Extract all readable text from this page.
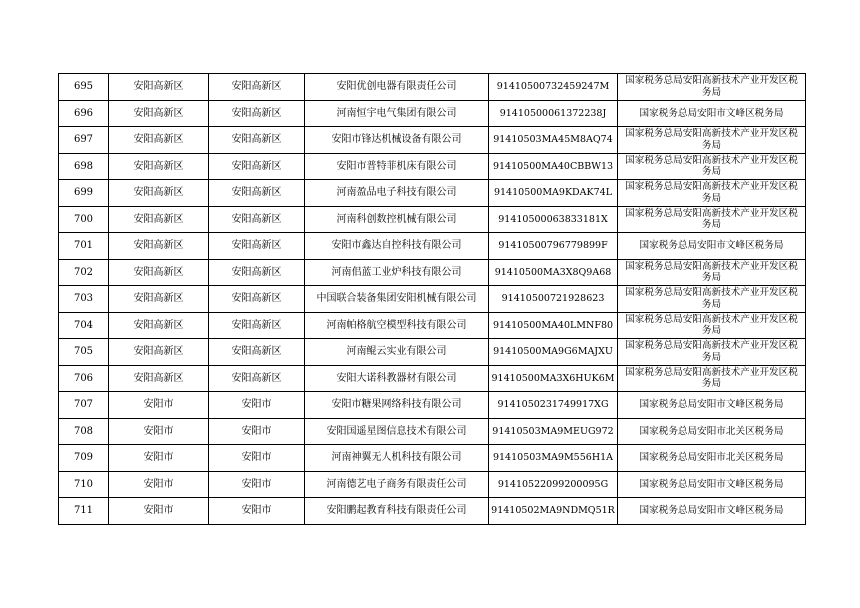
695	安阳高新区	安阳高新区	安阳优创电器有限责任公司	91410500732459247M	国家税务总局安阳高新技术产业开发区税务局
696	安阳高新区	安阳高新区	河南恒宇电气集团有限公司	91410500061372238J	国家税务总局安阳市文峰区税务局
697	安阳高新区	安阳高新区	安阳市锋达机械设备有限公司	91410503MA45M8AQ74	国家税务总局安阳高新技术产业开发区税务局
698	安阳高新区	安阳高新区	安阳市普特菲机床有限公司	91410500MA40CBBW13	国家税务总局安阳高新技术产业开发区税务局
699	安阳高新区	安阳高新区	河南盈品电子科技有限公司	91410500MA9KDAK74L	国家税务总局安阳高新技术产业开发区税务局
700	安阳高新区	安阳高新区	河南科创数控机械有限公司	91410500063833181X	国家税务总局安阳高新技术产业开发区税务局
701	安阳高新区	安阳高新区	安阳市鑫达自控科技有限公司	91410500796779899F	国家税务总局安阳市文峰区税务局
702	安阳高新区	安阳高新区	河南佀蓝工业炉科技有限公司	91410500MA3X8Q9A68	国家税务总局安阳高新技术产业开发区税务局
703	安阳高新区	安阳高新区	中国联合装备集团安阳机械有限公司	91410500721928623	国家税务总局安阳高新技术产业开发区税务局
704	安阳高新区	安阳高新区	河南帕格航空模型科技有限公司	91410500MA40LMNF80	国家税务总局安阳高新技术产业开发区税务局
705	安阳高新区	安阳高新区	河南鲲云实业有限公司	91410500MA9G6MAJXU	国家税务总局安阳高新技术产业开发区税务局
706	安阳高新区	安阳高新区	安阳大诺科教器材有限公司	91410500MA3X6HUK6M	国家税务总局安阳高新技术产业开发区税务局
707	安阳市	安阳市	安阳市糖果网络科技有限公司	9141050231749917XG	国家税务总局安阳市文峰区税务局
708	安阳市	安阳市	安阳国遥星图信息技术有限公司	91410503MA9MEUG972	国家税务总局安阳市北关区税务局
709	安阳市	安阳市	河南神翼无人机科技有限公司	91410503MA9M556H1A	国家税务总局安阳市北关区税务局
710	安阳市	安阳市	河南德艺电子商务有限责任公司	91410522099200095G	国家税务总局安阳市文峰区税务局
711	安阳市	安阳市	安阳鹏起教育科技有限责任公司	91410502MA9NDMQ51R	国家税务总局安阳市文峰区税务局
